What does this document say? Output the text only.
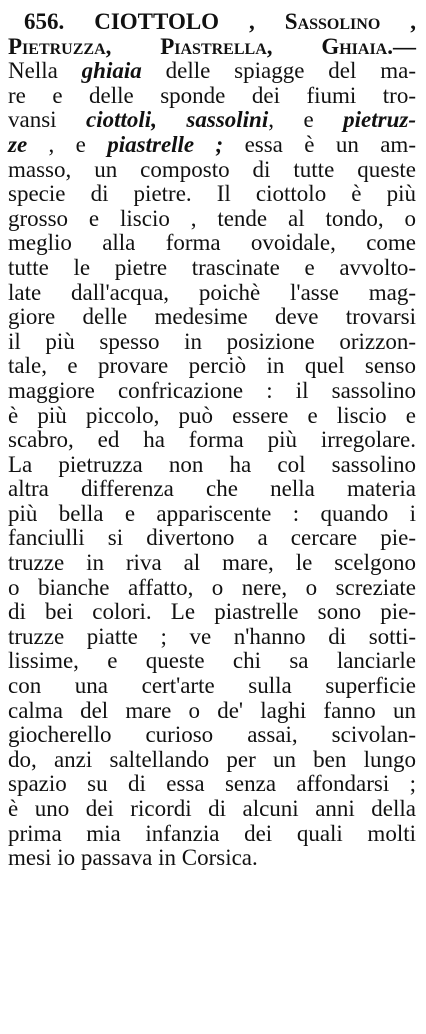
656. CIOTTOLO , Sassolino ,
Pietruzza, Piastrella, Ghiaia.—
Nella ghiaia delle spiagge del ma-
re e delle sponde dei fiumi tro-
vansi ciottoli, sassolini, e pietruz-
ze , e piastrelle ; essa è un am-
masso, un composto di tutte queste
specie di pietre. Il ciottolo è più
grosso e liscio , tende al tondo, o
meglio alla forma ovoidale, come
tutte le pietre trascinate e avvolto-
late dall'acqua, poichè l'asse mag-
giore delle medesime deve trovarsi
il più spesso in posizione orizzon-
tale, e provare perciò in quel senso
maggiore confricazione : il sassolino
è più piccolo, può essere e liscio e
scabro, ed ha forma più irregolare.
La pietruzza non ha col sassolino
altra differenza che nella materia
più bella e appariscente : quando i
fanciulli si divertono a cercare pie-
truzze in riva al mare, le scelgono
o bianche affatto, o nere, o screziate
di bei colori. Le piastrelle sono pie-
truzze piatte ; ve n'hanno di sotti-
lissime, e queste chi sa lanciarle
con una cert'arte sulla superficie
calma del mare o de' laghi fanno un
giocherello curioso assai, scivolan-
do, anzi saltellando per un ben lungo
spazio su di essa senza affondarsi ;
è uno dei ricordi di alcuni anni della
prima mia infanzia dei quali molti
mesi io passava in Corsica.
